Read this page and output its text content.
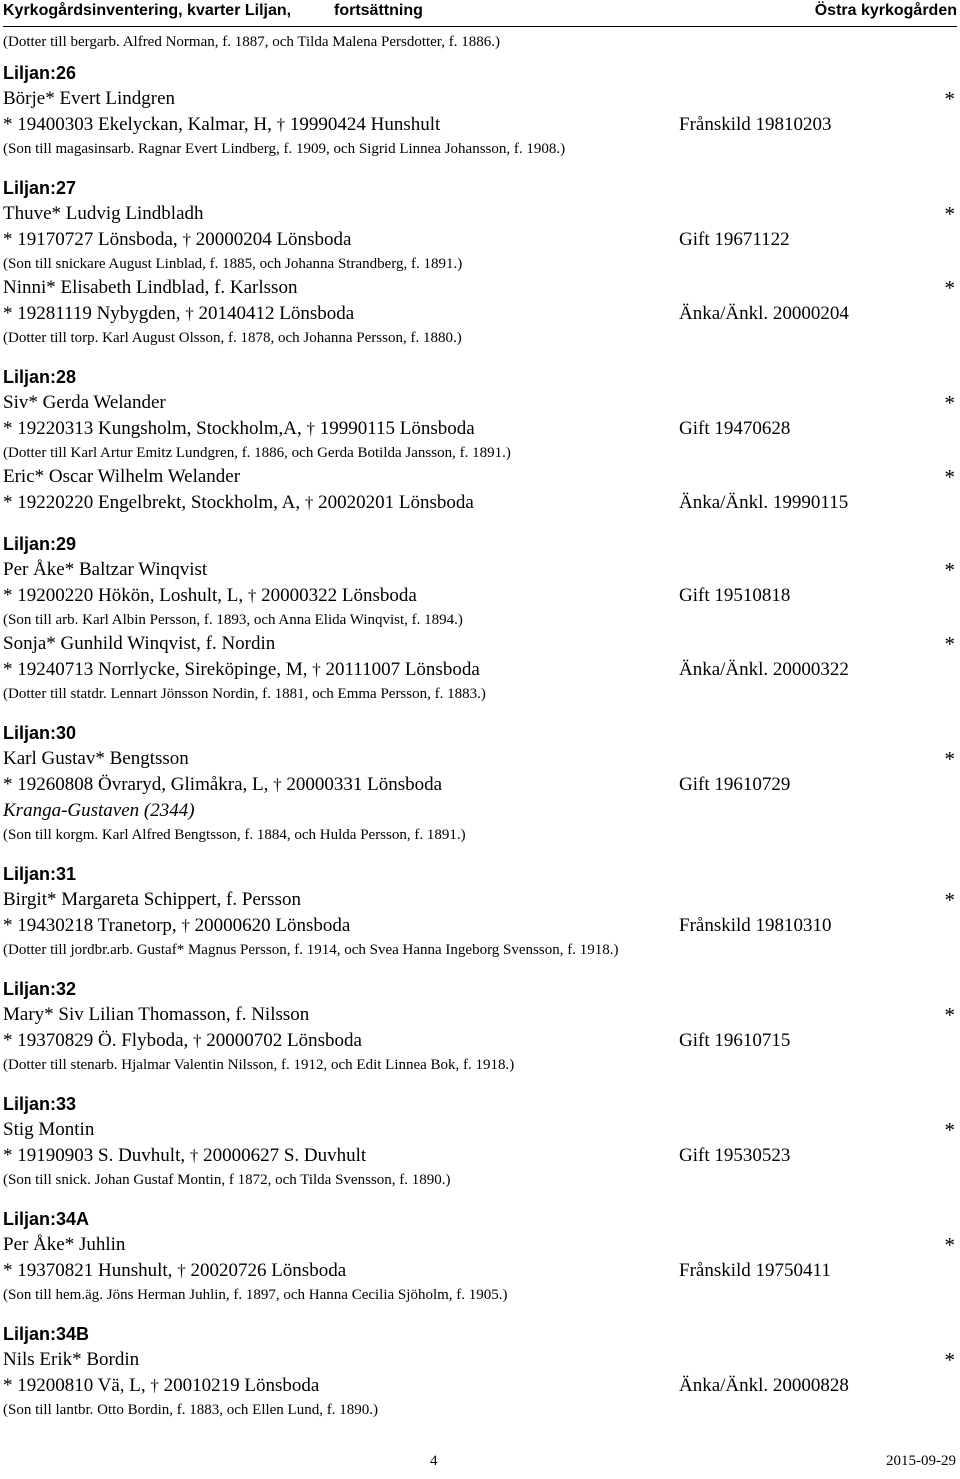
Kyrkogårdsinventering, kvarter Liljan,	fortsättning	Östra kyrkogården
(Dotter till bergarb. Alfred Norman, f. 1887, och Tilda Malena Persdotter, f. 1886.)
Liljan:26
Börje* Evert Lindgren	*
* 19400303 Ekelyckan, Kalmar, H, † 19990424 Hunshult	Frånskild 19810203
(Son till magasinsarb. Ragnar Evert Lindberg, f. 1909, och Sigrid Linnea Johansson, f. 1908.)
Liljan:27
Thuve* Ludvig Lindbladh	*
* 19170727 Lönsboda, † 20000204 Lönsboda	Gift 19671122
(Son till snickare August Linblad, f. 1885, och Johanna Strandberg, f. 1891.)
Ninni* Elisabeth Lindblad, f. Karlsson	*
* 19281119 Nybygden, † 20140412 Lönsboda	Änka/Änkl. 20000204
(Dotter till torp. Karl August Olsson, f. 1878, och Johanna Persson, f. 1880.)
Liljan:28
Siv* Gerda Welander	*
* 19220313 Kungsholm, Stockholm,A, † 19990115 Lönsboda	Gift 19470628
(Dotter till Karl Artur Emitz Lundgren, f. 1886, och Gerda Botilda Jansson, f. 1891.)
Eric* Oscar Wilhelm Welander	*
* 19220220 Engelbrekt, Stockholm, A, † 20020201 Lönsboda	Änka/Änkl. 19990115
Liljan:29
Per Åke* Baltzar Winqvist	*
* 19200220 Hökön, Loshult, L, † 20000322 Lönsboda	Gift 19510818
(Son till arb. Karl Albin Persson, f. 1893, och Anna Elida Winqvist, f. 1894.)
Sonja* Gunhild Winqvist, f. Nordin	*
* 19240713 Norrlycke, Sireköpinge, M, † 20111007 Lönsboda	Änka/Änkl. 20000322
(Dotter till statdr. Lennart Jönsson Nordin, f. 1881, och Emma Persson, f. 1883.)
Liljan:30
Karl Gustav* Bengtsson	*
* 19260808 Övraryd, Glimåkra, L, † 20000331 Lönsboda	Gift 19610729
Kranga-Gustaven (2344)
(Son till korgm. Karl Alfred Bengtsson, f. 1884, och Hulda Persson, f. 1891.)
Liljan:31
Birgit* Margareta Schippert, f. Persson	*
* 19430218 Tranetorp, † 20000620 Lönsboda	Frånskild 19810310
(Dotter till jordbr.arb. Gustaf* Magnus Persson, f. 1914, och Svea Hanna Ingeborg Svensson, f. 1918.)
Liljan:32
Mary* Siv Lilian Thomasson, f. Nilsson	*
* 19370829 Ö. Flyboda, † 20000702 Lönsboda	Gift 19610715
(Dotter till stenarb. Hjalmar Valentin Nilsson, f. 1912, och Edit Linnea Bok, f. 1918.)
Liljan:33
Stig Montin	*
* 19190903 S. Duvhult, † 20000627 S. Duvhult	Gift 19530523
(Son till snick. Johan Gustaf Montin, f 1872, och Tilda Svensson, f. 1890.)
Liljan:34A
Per Åke* Juhlin	*
* 19370821 Hunshult, † 20020726 Lönsboda	Frånskild 19750411
(Son till hem.äg. Jöns Herman Juhlin, f. 1897, och Hanna Cecilia Sjöholm, f. 1905.)
Liljan:34B
Nils Erik* Bordin	*
* 19200810 Vä, L, † 20010219 Lönsboda	Änka/Änkl. 20000828
(Son till lantbr. Otto Bordin, f. 1883, och Ellen Lund, f. 1890.)
4	2015-09-29
